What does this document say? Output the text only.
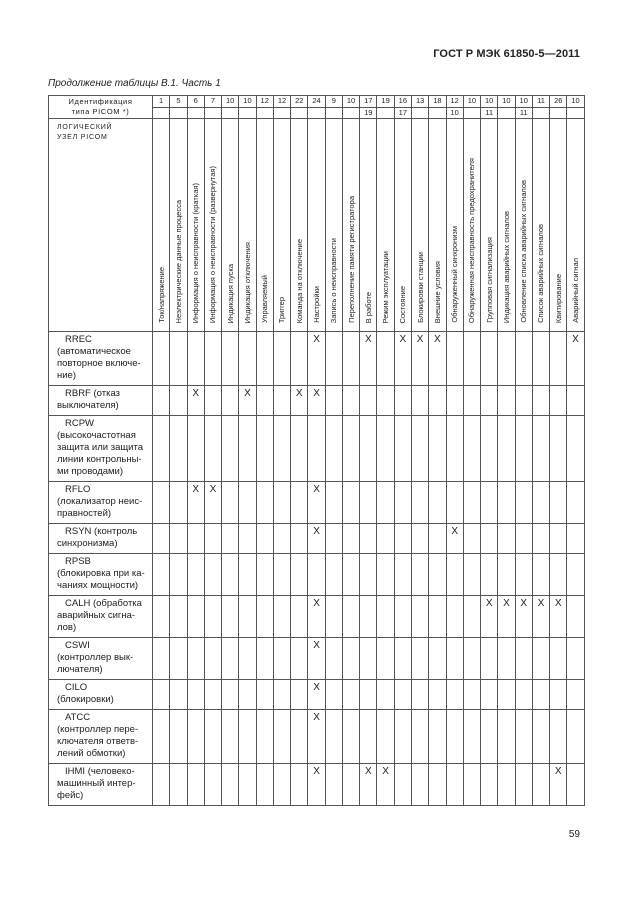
ГОСТ Р МЭК 61850-5—2011
Продолжение таблицы В.1. Часть 1
Идентификация
типа PICOM *)	1	5	6	7	10	10	12	12	22	24	9	10	17	19	16	13	18	12	10	10	10	10	11	26	10
													19		17			10		11		11			

ЛОГИЧЕСКИЙ
УЗЕЛ PICOM	Ток/напряжение	Неэлектрические данные процесса	Информация о неисправности (краткая)	Информация о неисправности (развернутая)	Индикация пуска	Индикация отключения	Управляемый	Триггер	Команда на отключение	Настройки	Запись о неисправности	Переполнение памяти регистратора	В работе	Режим эксплуатации	Состояние	Блокировки станции	Внешние условия	Обнаруженный синхронизм	Обнаруженная неисправность предохранителя	Групповая сигнализация	Индикация аварийных сигналов	Обновление списка аварийных сигналов	Список аварийных сигналов	Квитирование	Аварийный сигнал

RREC
(автоматическое
повторное включе-
ние)										X			X		X	X	X								X

RBRF (отказ
выключателя)			X			X			X	X															

RCPW
(высокочастотная
защита или защита
линии контрольны-
ми проводами)																									

RFLO
(локализатор неис-
правностей)			X	X						X															

RSYN (контроль
синхронизма)										X								X							

RPSB
(блокировка при ка-
чаниях мощности)																									

CALH (обработка
аварийных сигна-
лов)										X										X	X	X	X	X	

CSWI
(контроллер вык-
лючателя)										X															

CILO
(блокировки)										X															

ATCC
(контроллер пере-
ключателя ответв-
лений обмотки)										X															

IHMI (человеко-
машинный интер-
фейс)										X			X	X										X	
59
